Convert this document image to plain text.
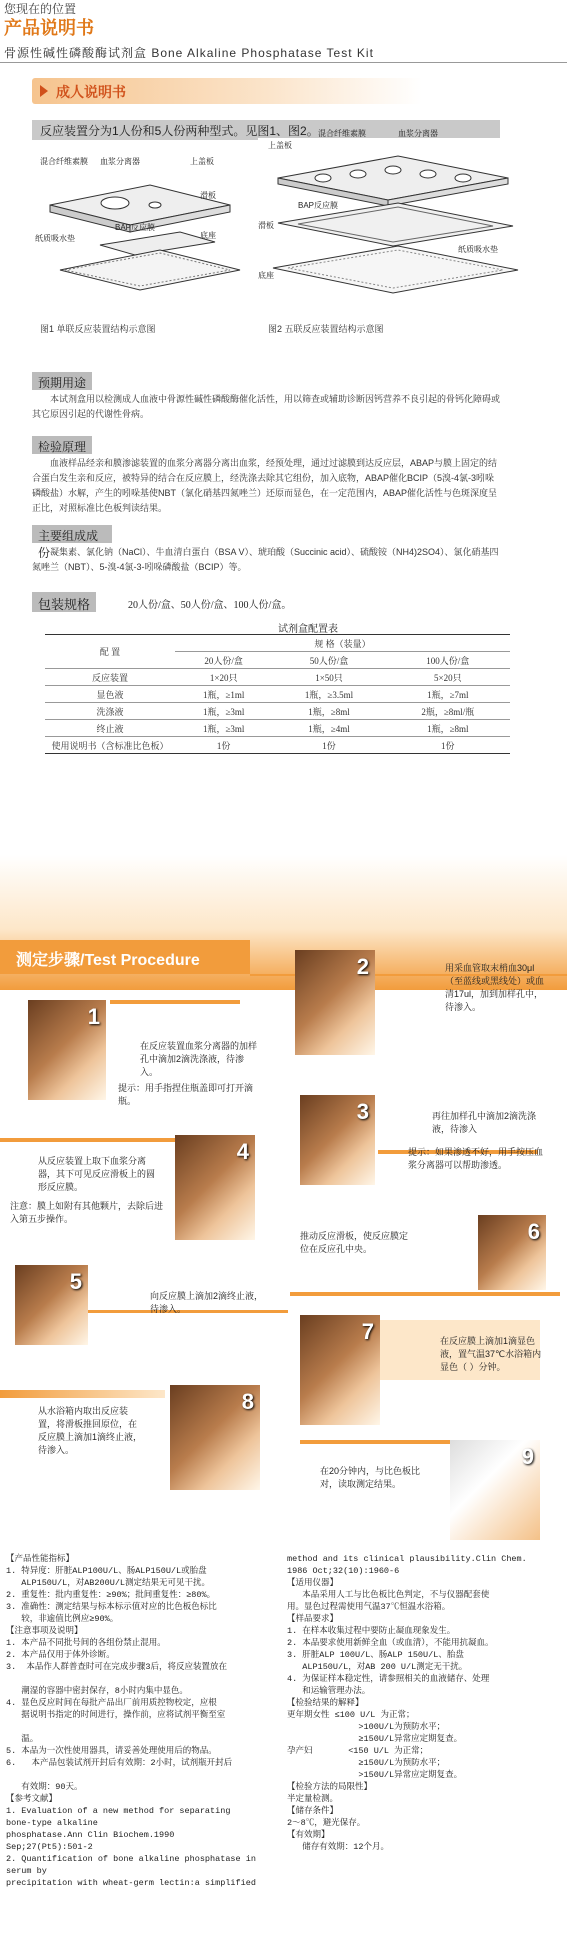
您现在的位置
产品说明书
骨源性碱性磷酸酶试剂盒 Bone Alkaline Phosphatase Test Kit
成人说明书
反应装置分为1人份和5人份两种型式。见图1、图2。
混合纤维素膜 血浆分离器	上盖板
BAP反应膜
滑板
底座
纸质吸水垫
图1 单联反应装置结构示意图
上盖板
混合纤维素膜	血浆分离器
BAP反应膜
滑板
底座
纸质吸水垫
图2 五联反应装置结构示意图
预期用途
本试剂盒用以检测成人血液中骨源性碱性磷酸酶催化活性，用以筛查或辅助诊断因钙营养不良引起的骨钙化障碍或其它原因引起的代谢性骨病。
检验原理
血液样品经亲和膜渗滤装置的血浆分离器分离出血浆，经预处理，通过过滤膜到达反应层，ABAP与膜上固定的结合蛋白发生亲和反应，被特异的结合在反应膜上，经洗涤去除其它组份，加入底物，ABAP催化BCIP（5溴-4氯-3吲哚磷酸盐）水解，产生的吲哚基使NBT（氯化硝基四氮唑兰）还原而显色，在一定范围内，ABAP催化活性与色斑深度呈正比，对照标准比色板判读结果。
主要组成成份 凝集素、氯化钠（NaCl）、牛血清白蛋白（BSA V）、琥珀酸（Succinic acid）、硫酸铵（NH4)2SO4）、氯化硝基四氮唑兰（NBT）、5-溴-4氯-3-吲哚磷酸盐（BCIP）等。
包装规格	20人份/盒、50人份/盒、100人份/盒。
试剂盒配置表
配 置	规 格（装量）		
	20人份/盒	50人份/盒	100人份/盒
反应装置	1×20只	1×50只	5×20只
显色液	1瓶，≥1ml	1瓶，≥3.5ml	1瓶，≥7ml
洗涤液	1瓶，≥3ml	1瓶，≥8ml	2瓶，≥8ml/瓶
终止液	1瓶，≥3ml	1瓶，≥4ml	1瓶，≥8ml
使用说明书（含标准比色板）	1份	1份	1份
测定步骤/Test Procedure
1
在反应装置血浆分离器的加样孔中滴加2滴洗涤液，待渗入。
提示：用手指捏住瓶盖即可打开滴瓶。
2	用采血管取末梢血30μl（至蓝线或黑线处）或血清17ul，加到加样孔中，待渗入。
3	再往加样孔中滴加2滴洗涤液，待渗入
提示：如果渗透不好，用手按压血浆分离器可以帮助渗透。
4
从反应装置上取下血浆分离器，其下可见反应滑板上的圆形反应膜。
注意：膜上如附有其他颗片，去除后进入第五步操作。	6
推动反应滑板，使反应膜定位在反应孔中央。
5
向反应膜上滴加2滴终止液，待渗入。
7	在反应膜上滴加1滴显色液，置气温37℃水浴箱内显色（ ）分钟。
8
从水浴箱内取出反应装置，将滑板推回原位，在反应膜上滴加1滴终止液，待渗入。	9
在20分钟内，与比色板比对，读取测定结果。
【产品性能指标】
1. 特异度：肝脏ALP100U/L、肠ALP150U/L或胎盘
ALP150U/L，对AB200U/L测定结果无可见干扰。
2. 重复性：批内重复性：≥90%；批间重复性：≥80%。
3. 准确性：测定结果与标本标示值对应的比色板色标比
较，非逾值比例应≥90%。
【注意事项及说明】
1. 本产品不同批号间的各组份禁止混用。
2. 本产品仅用于体外诊断。
3.  本品作人群普查时可在完成步骤3后，将反应装置放在

潮湿的容器中密封保存，8小时内集中显色。
4. 显色反应时间在每批产品出厂前用质控物校定，应根
据说明书指定的时间进行，操作前，应将试剂平衡至室

温。
5. 本品为一次性使用器具，请妥善处理使用后的物品。
6.   本产品包装试剂开封后有效期：2小时，试剂瓶开封后

有效期：90天。
【参考文献】
1. Evaluation of a new method for separating
bone-type alkaline
phosphatase.Ann Clin Biochem.1990
Sep;27(Pt5):501-2
2. Quantification of bone alkaline phosphatase in
serum by
precipitation with wheat-germ lectin:a simplified
method and its clinical plausibility.Clin Chem.
1986 Oct;32(10):1960-6
【适用仪器】
本品采用人工与比色板比色判定，不与仪器配套使
用。显色过程需使用气温37℃恒温水浴箱。
【样品要求】
1. 在样本收集过程中要防止凝血现象发生。
2. 本品要求使用新鲜全血（或血清），不能用抗凝血。
3. 肝脏ALP 100U/L、肠ALP 150U/L、胎盘
ALP150U/L，对AB 200 U/L测定无干扰。
4. 为保证样本稳定性，请参照相关的血液储存、处理
和运输管理办法。
【检验结果的解释】
更年期女性 ≤100 U/L 为正常；
>100U/L为预防水平；
≥150U/L异常应定期复查。
孕产妇       <150 U/L 为正常；
≥150U/L为预防水平；
>150U/L异常应定期复查。
【检验方法的局限性】
半定量检测。
【储存条件】
2～8℃，避光保存。
【有效期】
储存有效期：12个月。
